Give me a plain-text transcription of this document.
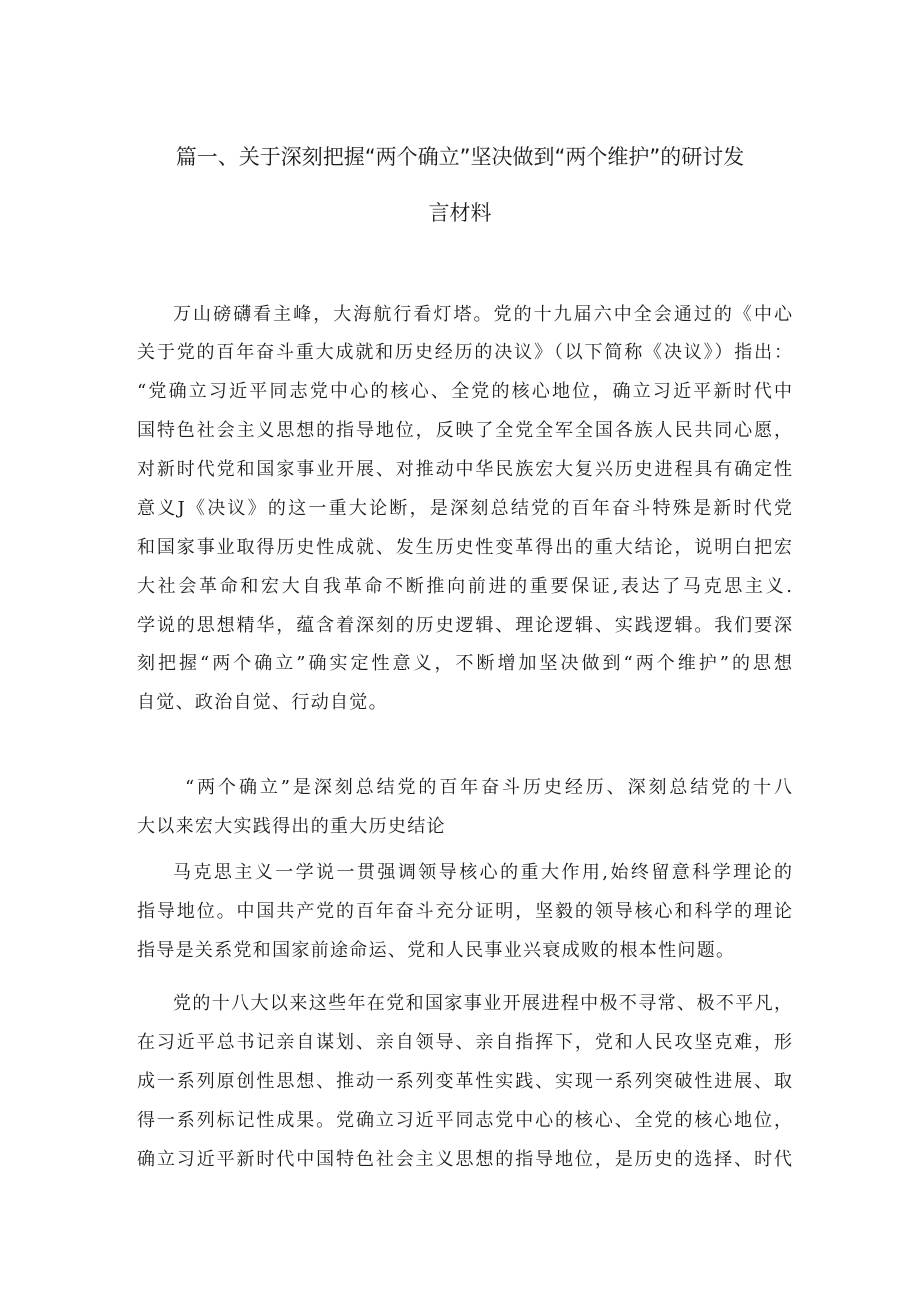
篇一、关于深刻把握“两个确立”坚决做到“两个维护”的研讨发
言材料
万山磅礴看主峰，大海航行看灯塔。党的十九届六中全会通过的《中心
关于党的百年奋斗重大成就和历史经历的决议》（以下简称《决议》）指出：
“党确立习近平同志党中心的核心、全党的核心地位，确立习近平新时代中
国特色社会主义思想的指导地位，反映了全党全军全国各族人民共同心愿，
对新时代党和国家事业开展、对推动中华民族宏大复兴历史进程具有确定性
意义J《决议》的这一重大论断，是深刻总结党的百年奋斗特殊是新时代党
和国家事业取得历史性成就、发生历史性变革得出的重大结论，说明白把宏
大社会革命和宏大自我革命不断推向前进的重要保证,表达了马克思主义.
学说的思想精华，蕴含着深刻的历史逻辑、理论逻辑、实践逻辑。我们要深
刻把握“两个确立”确实定性意义，不断增加坚决做到“两个维护”的思想
自觉、政治自觉、行动自觉。
“两个确立”是深刻总结党的百年奋斗历史经历、深刻总结党的十八
大以来宏大实践得出的重大历史结论
马克思主义一学说一贯强调领导核心的重大作用,始终留意科学理论的
指导地位。中国共产党的百年奋斗充分证明，坚毅的领导核心和科学的理论
指导是关系党和国家前途命运、党和人民事业兴衰成败的根本性问题。
党的十八大以来这些年在党和国家事业开展进程中极不寻常、极不平凡，
在习近平总书记亲自谋划、亲自领导、亲自指挥下，党和人民攻坚克难，形
成一系列原创性思想、推动一系列变革性实践、实现一系列突破性进展、取
得一系列标记性成果。党确立习近平同志党中心的核心、全党的核心地位，
确立习近平新时代中国特色社会主义思想的指导地位，是历史的选择、时代
